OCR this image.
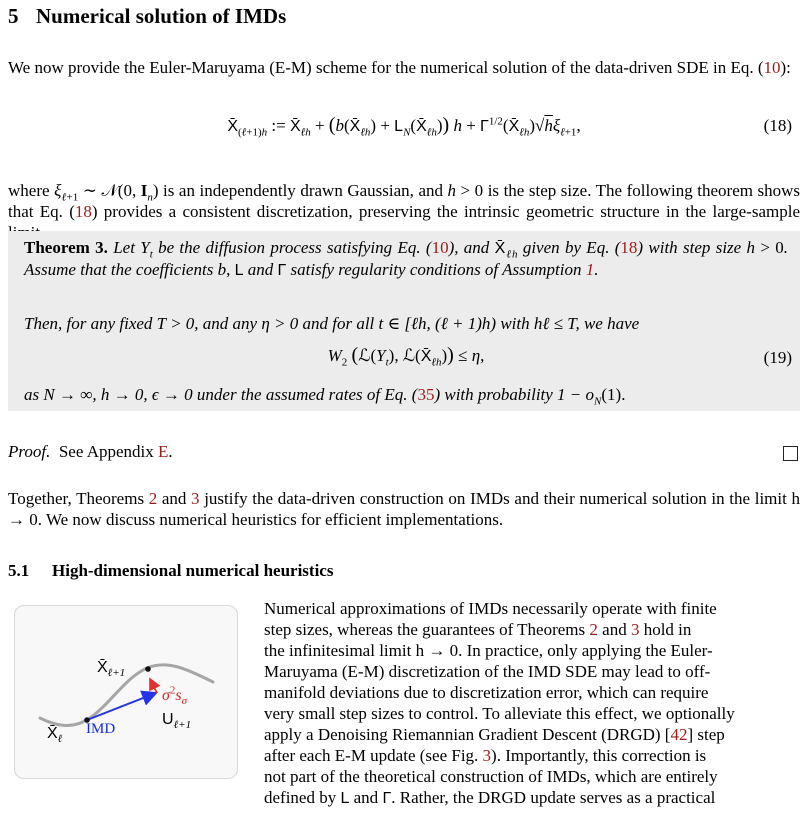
5 Numerical solution of IMDs
We now provide the Euler-Maruyama (E-M) scheme for the numerical solution of the data-driven SDE in Eq. (10):
$X̄_{(\ell+1)h}$ := $X̄_{\ell h}$ + ($b(X̄_{\ell h})$ + $L_N(X̄_{\ell h})$) $h + \Gamma^{1/2}(X̄_{\ell h})√h\xi_{\ell+1}$,	(18)
where $\xi_{\ell+1}$ ∼ 𝒩(0, $I_n$) is an independently drawn Gaussian, and h > 0 is the step size. The following theorem shows that Eq. (18) provides a consistent discretization, preserving the intrinsic geometric structure in the large-sample
Theorem 3. Let $Y_t$ be the diffusion process satisfying Eq. (10), and $X̄_{\ell h}$ given by Eq. (18) with step size h > 0. Assume that the coefficients b, L and Γ satisfy regularity conditions of Assumption 1.
Then, for any fixed T > 0, and any η > 0 and for all t ∈ [ℓh, (ℓ + 1)h) with hℓ ≤ T, we have
$W_2$ ($ℒ(Y_t)$, $ℒ(X̄_{\ell h})) \le \eta$,	(19)
as N → ∞, h → 0, ϵ → 0 under the assumed rates of Eq. (35) with probability $1 - o_N(1)$.
Proof. See Appendix E.
Together, Theorems 2 and 3 justify the data-driven construction on IMDs and their numerical solution in the limit h → 0. We now discuss numerical heuristics for efficient implementations.
5.1 High-dimensional numerical heuristics
$X̄_{\ell+1}$
$\sigma^2s_\sigma$
$U_{\ell+1}$
$X̄_\ell$
IMD
Numerical approximations of IMDs necessarily operate with finite
step sizes, whereas the guarantees of Theorems 2 and 3 hold in
the infinitesimal limit h → 0. In practice, only applying the Euler-
Maruyama (E-M) discretization of the IMD SDE may lead to off-
manifold deviations due to discretization error, which can require
very small step sizes to control. To alleviate this effect, we optionally
apply a Denoising Riemannian Gradient Descent (DRGD) [42] step
after each E-M update (see Fig. 3). Importantly, this correction is
not part of the theoretical construction of IMDs, which are entirely
defined by L and Γ. Rather, the DRGD update serves as a practical
